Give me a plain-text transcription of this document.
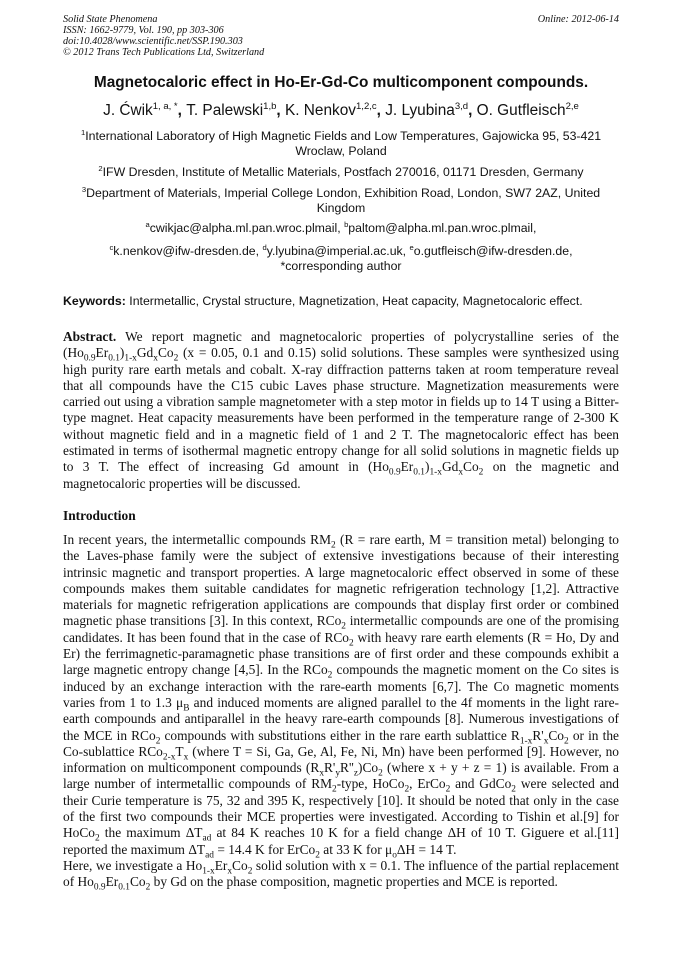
Solid State Phenomena
ISSN: 1662-9779, Vol. 190, pp 303-306
doi:10.4028/www.scientific.net/SSP.190.303
© 2012 Trans Tech Publications Ltd, Switzerland
Online: 2012-06-14
Magnetocaloric effect in Ho-Er-Gd-Co multicomponent compounds.
J. Ćwik$^{1, a, *}$, T. Palewski$^{1,b}$, K. Nenkov$^{1,2,c}$, J. Lyubina$^{3,d}$, O. Gutfleisch$^{2,e}$
$^1$International Laboratory of High Magnetic Fields and Low Temperatures, Gajowicka 95, 53-421 Wroclaw, Poland
$^2$IFW Dresden, Institute of Metallic Materials, Postfach 270016, 01171 Dresden, Germany
$^3$Department of Materials, Imperial College London, Exhibition Road, London, SW7 2AZ, United Kingdom
$^a$cwikjac@alpha.ml.pan.wroc.plmail, $^b$paltom@alpha.ml.pan.wroc.plmail,
$^c$k.nenkov@ifw-dresden.de, $^d$y.lyubina@imperial.ac.uk, $^e$o.gutfleisch@ifw-dresden.de,
*corresponding author
Keywords: Intermetallic, Crystal structure, Magnetization, Heat capacity, Magnetocaloric effect.

Abstract. We report magnetic and magnetocaloric properties of polycrystalline series of the $(Ho_{0.9}Er_{0.1})_{1-x}Gd_xCo_2$ (x = 0.05, 0.1 and 0.15) solid solutions. These samples were synthesized using high purity rare earth metals and cobalt. X-ray diffraction patterns taken at room temperature reveal that all compounds have the C15 cubic Laves phase structure. Magnetization measurements were carried out using a vibration sample magnetometer with a step motor in fields up to 14 T using a Bitter-type magnet. Heat capacity measurements have been performed in the temperature range of 2-300 K without magnetic field and in a magnetic field of 1 and 2 T. The magnetocaloric effect has been estimated in terms of isothermal magnetic entropy change for all solid solutions in magnetic fields up to 3 T. The effect of increasing Gd amount in $(Ho_{0.9}Er_{0.1})_{1-x}Gd_xCo_2$ on the magnetic and magnetocaloric properties will be discussed.

Introduction

In recent years, the intermetallic compounds $RM_2$ (R = rare earth, M = transition metal) belonging to the Laves-phase family were the subject of extensive investigations because of their interesting intrinsic magnetic and transport properties. A large magnetocaloric effect observed in some of these compounds makes them suitable candidates for magnetic refrigeration technology [1,2]. Attractive materials for magnetic refrigeration applications are compounds that display first order or combined magnetic phase transitions [3]. In this context, RCo$_2$ intermetallic compounds are one of the promising candidates. It has been found that in the case of RCo$_2$ with heavy rare earth elements (R = Ho, Dy and Er) the ferrimagnetic-paramagnetic phase transitions are of first order and these compounds exhibit a large magnetic entropy change [4,5]. In the RCo$_2$ compounds the magnetic moment on the Co sites is induced by an exchange interaction with the rare-earth moments [6,7]. The Co magnetic moments varies from 1 to 1.3 $\mu_B$ and induced moments are aligned parallel to the 4f moments in the light rare-earth compounds and antiparallel in the heavy rare-earth compounds [8]. Numerous investigations of the MCE in RCo$_2$ compounds with substitutions either in the rare earth sublattice $R_{1-x}R'_xCo_2$ or in the Co-sublattice $RCo_{2-x}T_x$ (where T = Si, Ga, Ge, Al, Fe, Ni, Mn) have been performed [9]. However, no information on multicomponent compounds $(R_xR'_yR''_z)Co_2$ (where x + y + z = 1) is available. From a large number of intermetallic compounds of $RM_2$-type, HoCo$_2$, ErCo$_2$ and GdCo$_2$ were selected and their Curie temperature is 75, 32 and 395 K, respectively [10]. It should be noted that only in the case of the first two compounds their MCE properties were investigated. According to Tishin et al.[9] for HoCo$_2$ the maximum $\Delta T_{ad}$ at 84 K reaches 10 K for a field change ΔH of 10 T. Giguere et al.[11] reported the maximum $\Delta T_{ad} = 14.4$ K for ErCo$_2$ at 33 K for $\mu_o\Delta H = 14$ T.

Here, we investigate a $Ho_{1-x}Er_xCo_2$ solid solution with x = 0.1. The influence of the partial replacement of $Ho_{0.9}Er_{0.1}Co_2$ by Gd on the phase composition, magnetic properties and MCE is reported.
